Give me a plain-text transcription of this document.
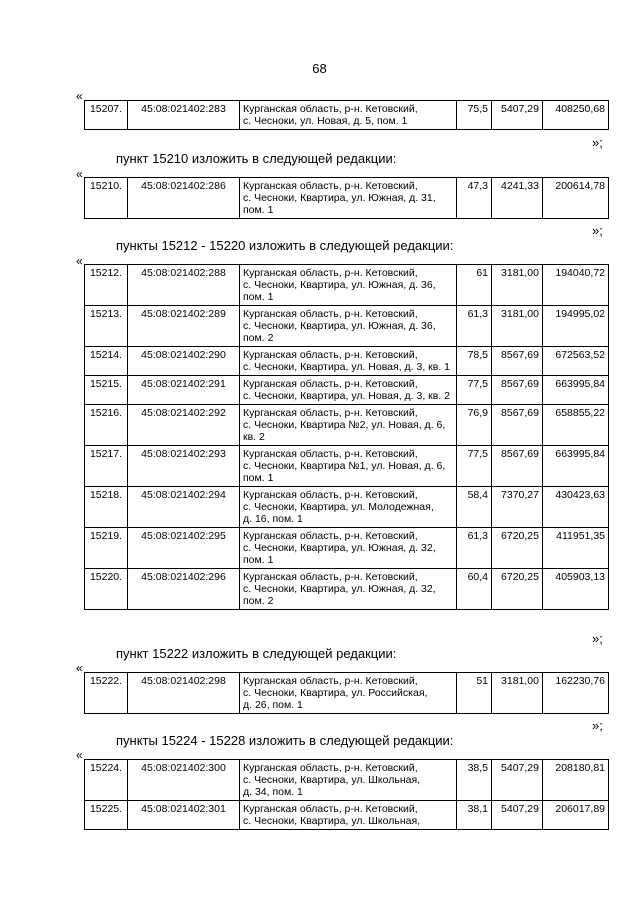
68
«
15207.	45:08:021402:283	Курганская область, р-н. Кетовский,
с. Чесноки, ул. Новая, д. 5, пом. 1
	75,5	5407,29	408250,68
»;
пункт 15210 изложить в следующей редакции:
«
15210.	45:08:021402:286	Курганская область, р-н. Кетовский,
с. Чесноки, Квартира, ул. Южная, д. 31,
пом. 1
	47,3	4241,33	200614,78
»;
пункты 15212 - 15220 изложить в следующей редакции:
«
15212.	45:08:021402:288	Курганская область, р-н. Кетовский,
с. Чесноки, Квартира, ул. Южная, д. 36,
пом. 1	61	3181,00	194040,72
15213.	45:08:021402:289	Курганская область, р-н. Кетовский,
с. Чесноки, Квартира, ул. Южная, д. 36,
пом. 2	61,3	3181,00	194995,02
15214.	45:08:021402:290	Курганская область, р-н. Кетовский,
с. Чесноки, Квартира, ул. Новая, д. 3, кв. 1	78,5	8567,69	672563,52
15215.	45:08:021402:291	Курганская область, р-н. Кетовский,
с. Чесноки, Квартира, ул. Новая, д. 3, кв. 2	77,5	8567,69	663995,84
15216.	45:08:021402:292	Курганская область, р-н. Кетовский,
с. Чесноки, Квартира №2, ул. Новая, д. 6,
кв. 2	76,9	8567,69	658855,22
15217.	45:08:021402:293	Курганская область, р-н. Кетовский,
с. Чесноки, Квартира №1, ул. Новая, д. 6,
пом. 1	77,5	8567,69	663995,84
15218.	45:08:021402:294	Курганская область, р-н. Кетовский,
с. Чесноки, Квартира, ул. Молодежная,
д. 16, пом. 1	58,4	7370,27	430423,63
15219.	45:08:021402:295	Курганская область, р-н. Кетовский,
с. Чесноки, Квартира, ул. Южная, д. 32,
пом. 1	61,3	6720,25	411951,35
15220.	45:08:021402:296	Курганская область, р-н. Кетовский,
с. Чесноки, Квартира, ул. Южная, д. 32,
пом. 2	60,4	6720,25	405903,13
»;
пункт 15222 изложить в следующей редакции:
«
15222.	45:08:021402:298	Курганская область, р-н. Кетовский,
с. Чесноки, Квартира, ул. Российская,
д. 26, пом. 1
	51	3181,00	162230,76
»;
пункты 15224 - 15228 изложить в следующей редакции:
«
15224.	45:08:021402:300	Курганская область, р-н. Кетовский,
с. Чесноки, Квартира, ул. Школьная,
д. 34, пом. 1	38,5	5407,29	208180,81
15225.	45:08:021402:301	Курганская область, р-н. Кетовский,
с. Чесноки, Квартира, ул. Школьная,	38,1	5407,29	206017,89
